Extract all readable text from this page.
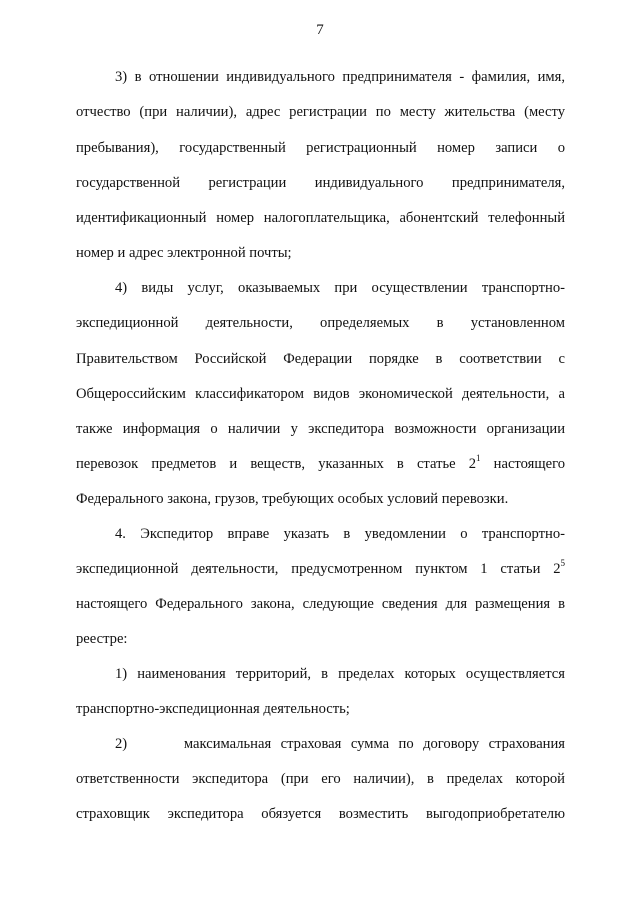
7
3) в отношении индивидуального предпринимателя - фамилия, имя,
отчество (при наличии), адрес регистрации по месту жительства (месту
пребывания), государственный регистрационный номер записи о
государственной регистрации индивидуального предпринимателя,
идентификационный номер налогоплательщика, абонентский телефонный
номер и адрес электронной почты;
4) виды услуг, оказываемых при осуществлении транспортно-
экспедиционной деятельности, определяемых в установленном
Правительством Российской Федерации порядке в соответствии с
Общероссийским классификатором видов экономической деятельности, а
также информация о наличии у экспедитора возможности организации
перевозок предметов и веществ, указанных в статье $2^1$ настоящего
Федерального закона, грузов, требующих особых условий перевозки.
4. Экспедитор вправе указать в уведомлении о транспортно-
экспедиционной деятельности, предусмотренном пунктом 1 статьи $2^5$
настоящего Федерального закона, следующие сведения для размещения в
реестре:
1) наименования территорий, в пределах которых осуществляется
транспортно-экспедиционная деятельность;
2)      максимальная страховая сумма по договору страхования
ответственности экспедитора (при его наличии), в пределах которой
страховщик экспедитора обязуется возместить выгодоприобретателю
